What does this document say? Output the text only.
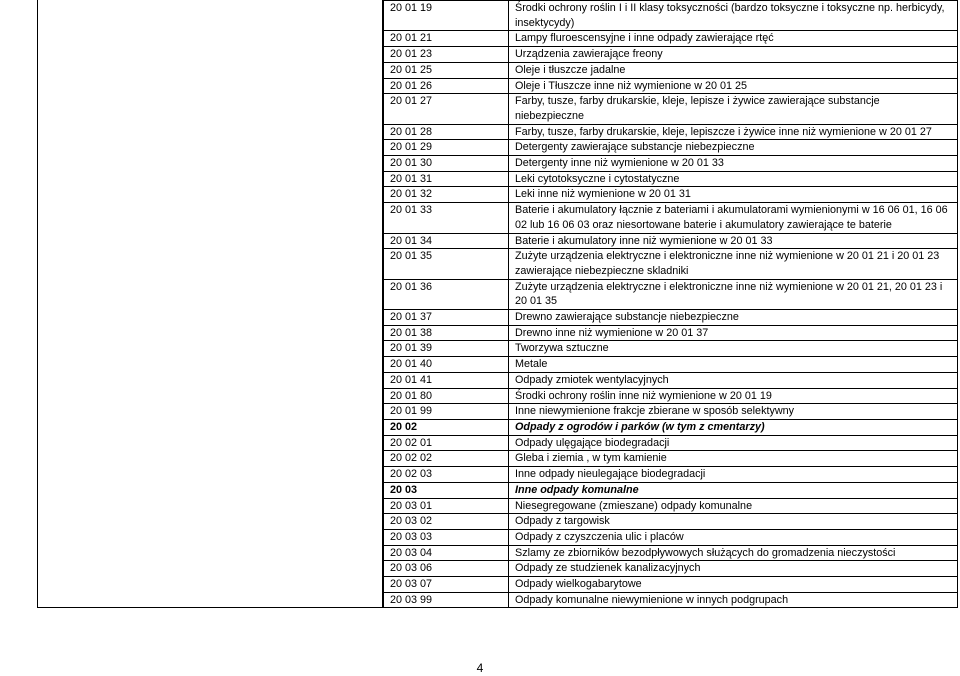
20 01 19	Środki ochrony roślin I i II klasy toksyczności (bardzo toksyczne i toksyczne np. herbicydy, insektycydy)
20 01 21	Lampy fluroescensyjne i inne odpady zawierające rtęć
20 01 23	Urządzenia zawierające freony
20 01 25	Oleje i tłuszcze jadalne
20 01 26	Oleje i Tłuszcze inne niż wymienione w 20 01 25
20 01 27	Farby, tusze, farby drukarskie, kleje, lepisze i żywice zawierające substancje niebezpieczne
20 01 28	Farby, tusze, farby drukarskie, kleje, lepiszcze i żywice inne niż wymienione w 20 01 27
20 01 29	Detergenty zawierające substancje niebezpieczne
20 01 30	Detergenty inne niż wymienione w 20 01 33
20 01 31	Leki cytotoksyczne i cytostatyczne
20 01 32	Leki inne niż wymienione w 20 01 31
20 01 33	Baterie i akumulatory łącznie z bateriami i akumulatorami wymienionymi w 16 06 01, 16 06 02 lub 16 06 03 oraz niesortowane baterie i akumulatory zawierające te baterie
20 01 34	Baterie i akumulatory inne niż wymienione w 20 01 33
20 01 35	Zużyte urządzenia elektryczne i elektroniczne inne niż wymienione w 20 01 21 i 20 01 23 zawierające niebezpieczne skladniki
20 01 36	Zużyte urządzenia elektryczne i elektroniczne inne niż wymienione w 20 01 21, 20 01 23 i 20 01 35
20 01 37	Drewno zawierające substancje niebezpieczne
20 01 38	Drewno inne niż wymienione w 20 01 37
20 01 39	Tworzywa sztuczne
20 01 40	Metale
20 01 41	Odpady zmiotek wentylacyjnych
20 01 80	Środki ochrony roślin inne niż wymienione w 20 01 19
20 01 99	Inne niewymienione frakcje zbierane w sposób selektywny
20 02	Odpady z ogrodów i parków (w tym z cmentarzy)
20 02 01	Odpady ulęgające biodegradacji
20 02 02	Gleba i ziemia , w tym kamienie
20 02 03	Inne odpady nieulegające biodegradacji
20 03	Inne odpady komunalne
20 03 01	Niesegregowane (zmieszane) odpady komunalne
20 03 02	Odpady z targowisk
20 03 03	Odpady z czyszczenia ulic i placów
20 03 04	Szlamy ze zbiorników bezodpływowych służących do gromadzenia nieczystości
20 03 06	Odpady ze studzienek kanalizacyjnych
20 03 07	Odpady wielkogabarytowe
20 03 99	Odpady komunalne niewymienione w innych podgrupach
4
